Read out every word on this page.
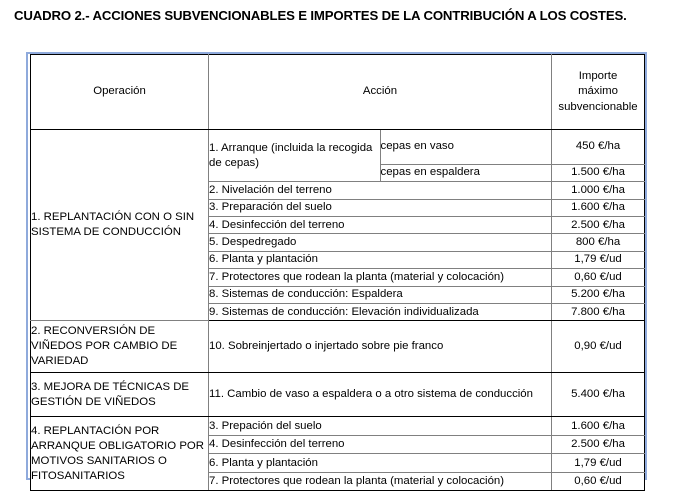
CUADRO 2.- ACCIONES SUBVENCIONABLES E IMPORTES DE LA CONTRIBUCIÓN A LOS COSTES.
Operación	Acción		Importe
máximo
subvencionable
1. REPLANTACIÓN CON O SIN SISTEMA DE CONDUCCIÓN	1. Arranque (incluida la recogida de cepas)	cepas en vaso	450 €/ha
		cepas en espaldera	1.500 €/ha
	2. Nivelación del terreno		1.000 €/ha
	3. Preparación del suelo		1.600 €/ha
	4. Desinfección del terreno		2.500 €/ha
	5. Despedregado		800 €/ha
	6. Planta y plantación		1,79 €/ud
	7. Protectores que rodean la planta (material y colocación)		0,60 €/ud
	8. Sistemas de conducción: Espaldera		5.200 €/ha
	9. Sistemas de conducción: Elevación individualizada		7.800 €/ha
2. RECONVERSIÓN DE VIÑEDOS POR CAMBIO DE VARIEDAD	10. Sobreinjertado o injertado sobre pie franco		0,90 €/ud
3. MEJORA DE TÉCNICAS DE GESTIÓN DE VIÑEDOS	11. Cambio de vaso a espaldera o a otro sistema de conducción		5.400 €/ha
4. REPLANTACIÓN POR ARRANQUE OBLIGATORIO POR MOTIVOS SANITARIOS O FITOSANITARIOS	3. Prepación del suelo		1.600 €/ha
	4. Desinfección del terreno		2.500 €/ha
	6. Planta y plantación		1,79 €/ud
	7. Protectores que rodean la planta (material y colocación)		0,60 €/ud
